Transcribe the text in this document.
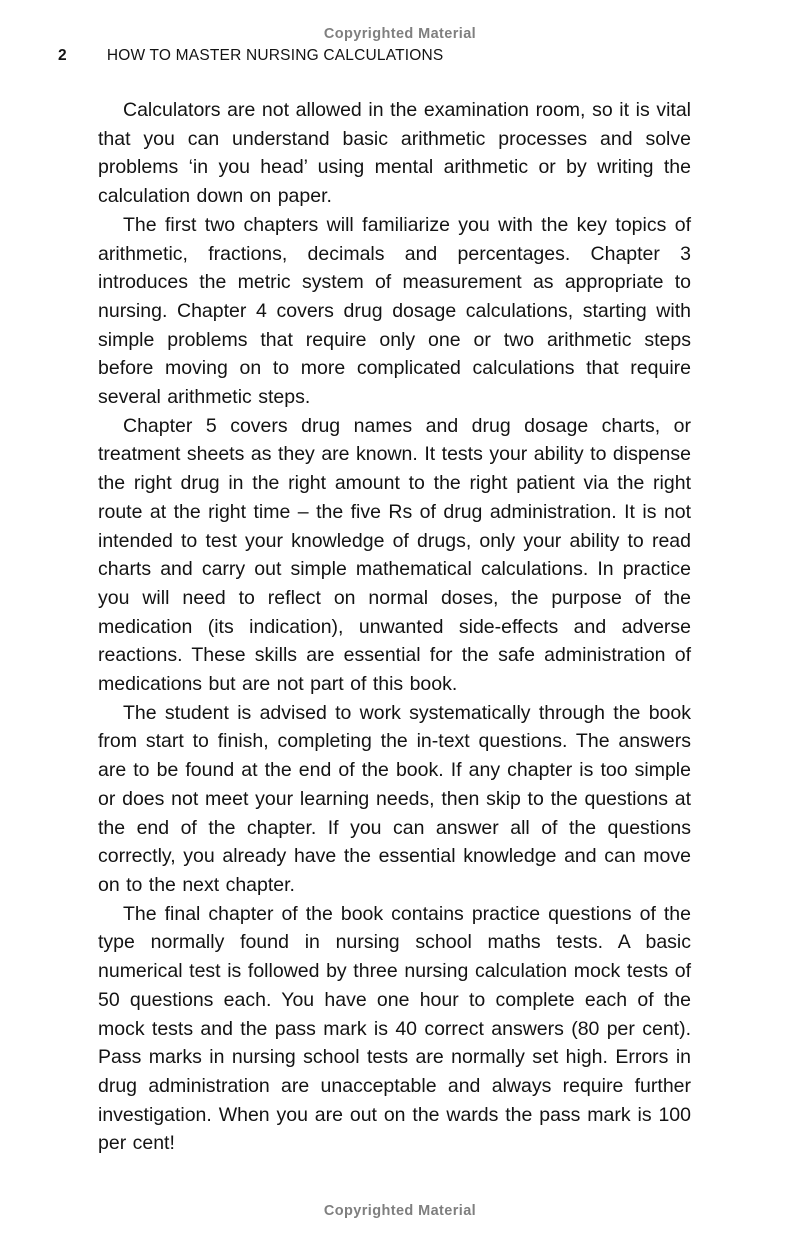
Copyrighted Material
2	HOW TO MASTER NURSING CALCULATIONS

Calculators are not allowed in the examination room, so it is vital that you can understand basic arithmetic processes and solve problems ‘in you head’ using mental arithmetic or by writing the calculation down on paper.

The first two chapters will familiarize you with the key topics of arithmetic, fractions, decimals and percentages. Chapter 3 introduces the metric system of measurement as appropriate to nursing. Chapter 4 covers drug dosage calculations, starting with simple problems that require only one or two arithmetic steps before moving on to more complicated calculations that require several arithmetic steps.

Chapter 5 covers drug names and drug dosage charts, or treatment sheets as they are known. It tests your ability to dispense the right drug in the right amount to the right patient via the right route at the right time – the five Rs of drug administration. It is not intended to test your knowledge of drugs, only your ability to read charts and carry out simple mathematical calculations. In practice you will need to reflect on normal doses, the purpose of the medication (its indication), unwanted side-effects and adverse reactions. These skills are essential for the safe administration of medications but are not part of this book.

The student is advised to work systematically through the book from start to finish, completing the in-text questions. The answers are to be found at the end of the book. If any chapter is too simple or does not meet your learning needs, then skip to the questions at the end of the chapter. If you can answer all of the questions correctly, you already have the essential knowledge and can move on to the next chapter.

The final chapter of the book contains practice questions of the type normally found in nursing school maths tests. A basic numerical test is followed by three nursing calculation mock tests of 50 questions each. You have one hour to complete each of the mock tests and the pass mark is 40 correct answers (80 per cent). Pass marks in nursing school tests are normally set high. Errors in drug administration are unacceptable and always require further investigation. When you are out on the wards the pass mark is 100 per cent!

Copyrighted Material
